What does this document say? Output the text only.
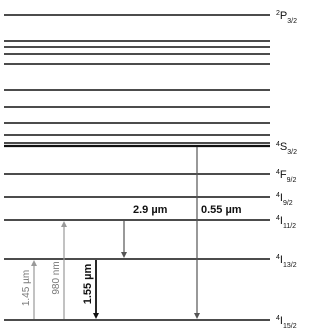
$^2P_{3/2}$
$^4S_{3/2}$
$^4F_{9/2}$
$^4I_{9/2}$
$^4I_{11/2}$
$^4I_{13/2}$
$^4I_{15/2}$
1.45 µm 980 nm 1.55 µm
2.9 µm	0.55 µm
